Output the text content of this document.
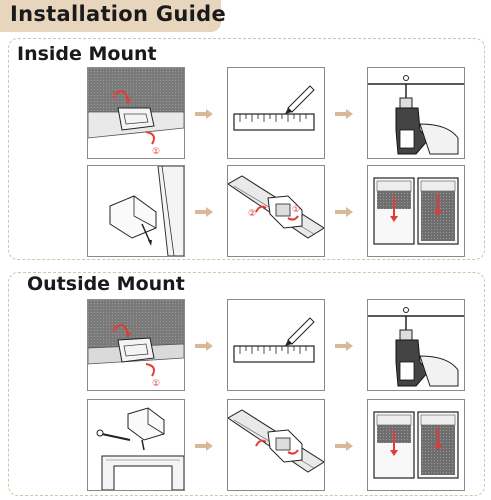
Installation Guide
Inside Mount
②
①
②	①
Outside Mount
②
①
